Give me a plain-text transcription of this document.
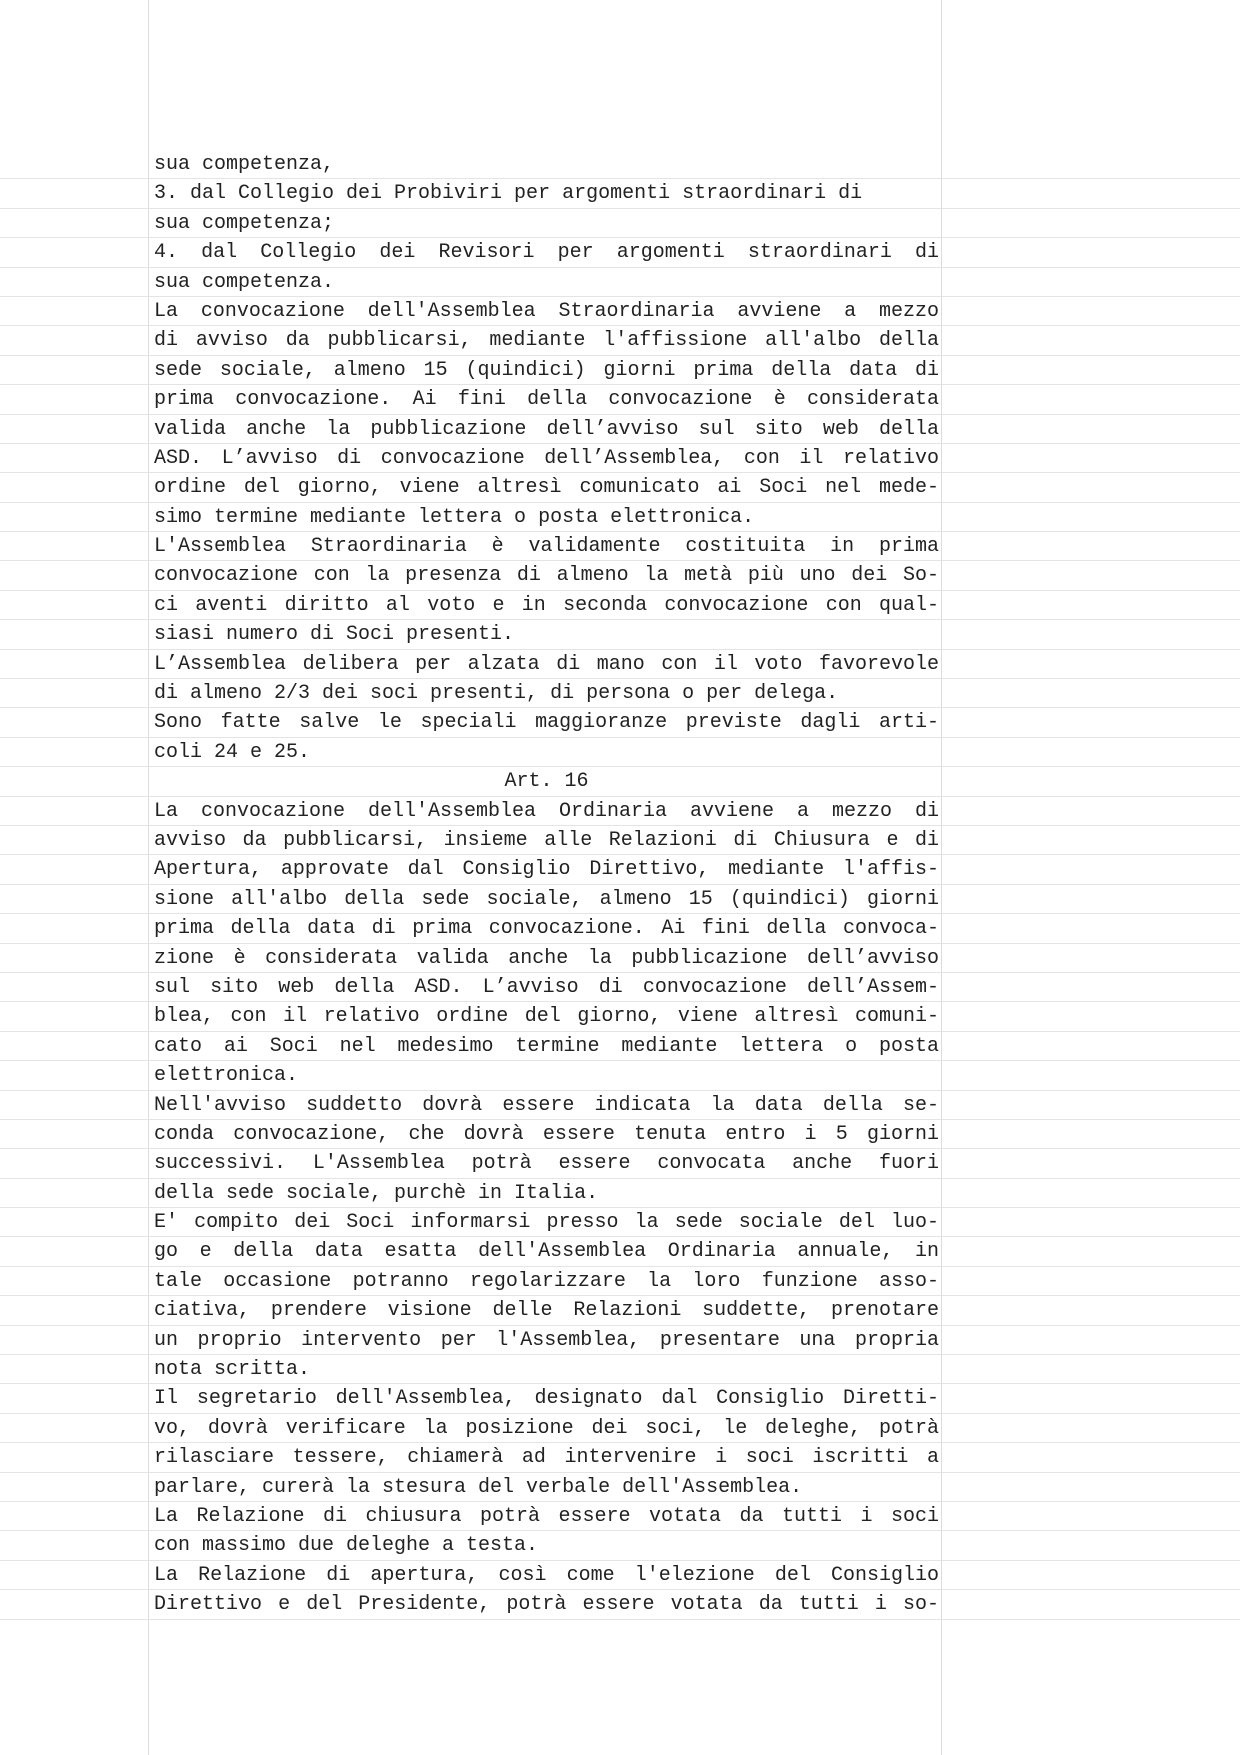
sua competenza,
3. dal Collegio dei Probiviri per argomenti straordinari di
sua competenza;
4. dal Collegio dei Revisori per argomenti straordinari di
sua competenza.
La convocazione dell'Assemblea Straordinaria avviene a mezzo
di avviso da pubblicarsi, mediante l'affissione all'albo della
sede sociale, almeno 15 (quindici) giorni prima della data di
prima convocazione. Ai fini della convocazione è considerata
valida anche la pubblicazione dell’avviso sul sito web della
ASD. L’avviso di convocazione dell’Assemblea, con il relativo
ordine del giorno, viene altresì comunicato ai Soci nel mede-
simo termine mediante lettera o posta elettronica.
L'Assemblea Straordinaria è validamente costituita in prima
convocazione con la presenza di almeno la metà più uno dei So-
ci aventi diritto al voto e in seconda convocazione con qual-
siasi numero di Soci presenti.
L’Assemblea delibera per alzata di mano con il voto favorevole
di almeno 2/3 dei soci presenti, di persona o per delega.
Sono fatte salve le speciali maggioranze previste dagli arti-
coli 24 e 25.
Art. 16
La convocazione dell'Assemblea Ordinaria avviene a mezzo di
avviso da pubblicarsi, insieme alle Relazioni di Chiusura e di
Apertura, approvate dal Consiglio Direttivo, mediante l'affis-
sione all'albo della sede sociale, almeno 15 (quindici) giorni
prima della data di prima convocazione. Ai fini della convoca-
zione è considerata valida anche la pubblicazione dell’avviso
sul sito web della ASD. L’avviso di convocazione dell’Assem-
blea, con il relativo ordine del giorno, viene altresì comuni-
cato ai Soci nel medesimo termine mediante lettera o posta
elettronica.
Nell'avviso suddetto dovrà essere indicata la data della se-
conda convocazione, che dovrà essere tenuta entro i 5 giorni
successivi. L'Assemblea potrà essere convocata anche fuori
della sede sociale, purchè in Italia.
E' compito dei Soci informarsi presso la sede sociale del luo-
go e della data esatta dell'Assemblea Ordinaria annuale, in
tale occasione potranno regolarizzare la loro funzione asso-
ciativa, prendere visione delle Relazioni suddette, prenotare
un proprio intervento per l'Assemblea, presentare una propria
nota scritta.
Il segretario dell'Assemblea, designato dal Consiglio Diretti-
vo, dovrà verificare la posizione dei soci, le deleghe, potrà
rilasciare tessere, chiamerà ad intervenire i soci iscritti a
parlare, curerà la stesura del verbale dell'Assemblea.
La Relazione di chiusura potrà essere votata da tutti i soci
con massimo due deleghe a testa.
La Relazione di apertura, così come l'elezione del Consiglio
Direttivo e del Presidente, potrà essere votata da tutti i so-
